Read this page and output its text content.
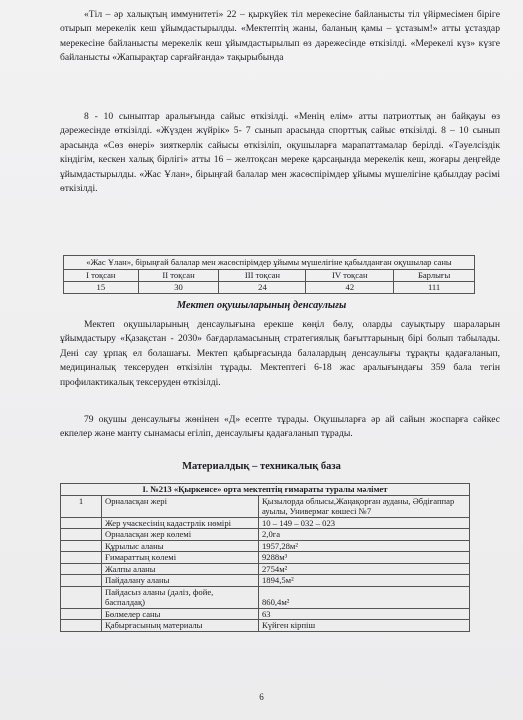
«Тіл – әр халықтың иммунитеті» 22 – қыркүйек тіл мерекесіне байланысты тіл үйірмесімен біріге отырып мерекелік кеш ұйымдастырылды. «Мектептің жаны, баланың қамы – ұстазым!» атты ұстаздар мерекесіне байланысты мерекелік кеш ұйымдастырылып өз дәрежесінде өткізілді. «Мерекелі күз» күзге байланысты «Жапырақтар сарғайғанда» тақырыбында

8 - 10 сыныптар аралығында сайыс өткізілді. «Менің елім» атты патриоттық ән байқауы өз дәрежесінде өткізілді. «Жүзден жүйрік» 5- 7 сынып арасында спорттық сайыс өткізілді. 8 – 10 сынып арасында «Сөз өнері» зияткерлік сайысы өткізіліп, оқушыларға марапаттамалар берілді. «Тәуелсіздік кіндігім, кескен халық бірлігі» атты 16 – желтоқсан мереке қарсаңында мерекелік кеш, жоғары деңгейде ұйымдастырылды. «Жас Ұлан», бірыңғай балалар мен жасөспірімдер ұйымы мүшелігіне қабылдау рәсімі өткізілді.

«Жас Ұлан», бірыңғай балалар мен жасөспірімдер ұйымы мүшелігіне қабылданған оқушылар саны				
I тоқсан	II тоқсан	III тоқсан	IV тоқсан	Барлығы
15	30	24	42	111
Мектеп оқушыларының денсаулығы

Мектеп оқушыларының денсаулығына ерекше көңіл бөлу, оларды сауықтыру шараларын ұйымдастыру «Қазақстан - 2030» бағдарламасының стратегиялық бағыттарының бірі болып табылады. Дені сау ұрпақ ел болашағы. Мектеп қабырғасында балалардың денсаулығы тұрақты қадағаланып, медициналық тексеруден өткізілін тұрады. Мектептегі 6-18 жас аралығындағы 359 бала тегін профилактикалық тексеруден өткізілді.

79 оқушы денсаулығы жөнінен «Д» есепте тұрады. Оқушыларға әр ай сайын жоспарға сәйкес екпелер және манту сынамасы егіліп, денсаулығы қадағаланып тұрады.

Материалдық – техникалық база
I. №213 «Қыркенсе» орта мектептің ғимараты туралы мәлімет		
1	Орналасқан жері	Қызылорда облысы,Жаңақорған ауданы, Әбдіғаппар ауылы, Универмаг көшесі №7
	Жер учаскесінің кадастрлік нөмірі	10 – 149 – 032 – 023
	Орналасқан жер көлемі	2,0га
	Құрылыс аланы	1957,28м²
	Ғимараттың көлемі	9288м³
	Жалпы аланы	2754м²
	Пайдалану аланы	1894,5м²
	Пайдасыз аланы (дәліз, фойе, баспалдақ)	860,4м²
	Бөлмелер саны	63
	Қабырғасының материалы	Күйген кірпіш
6
